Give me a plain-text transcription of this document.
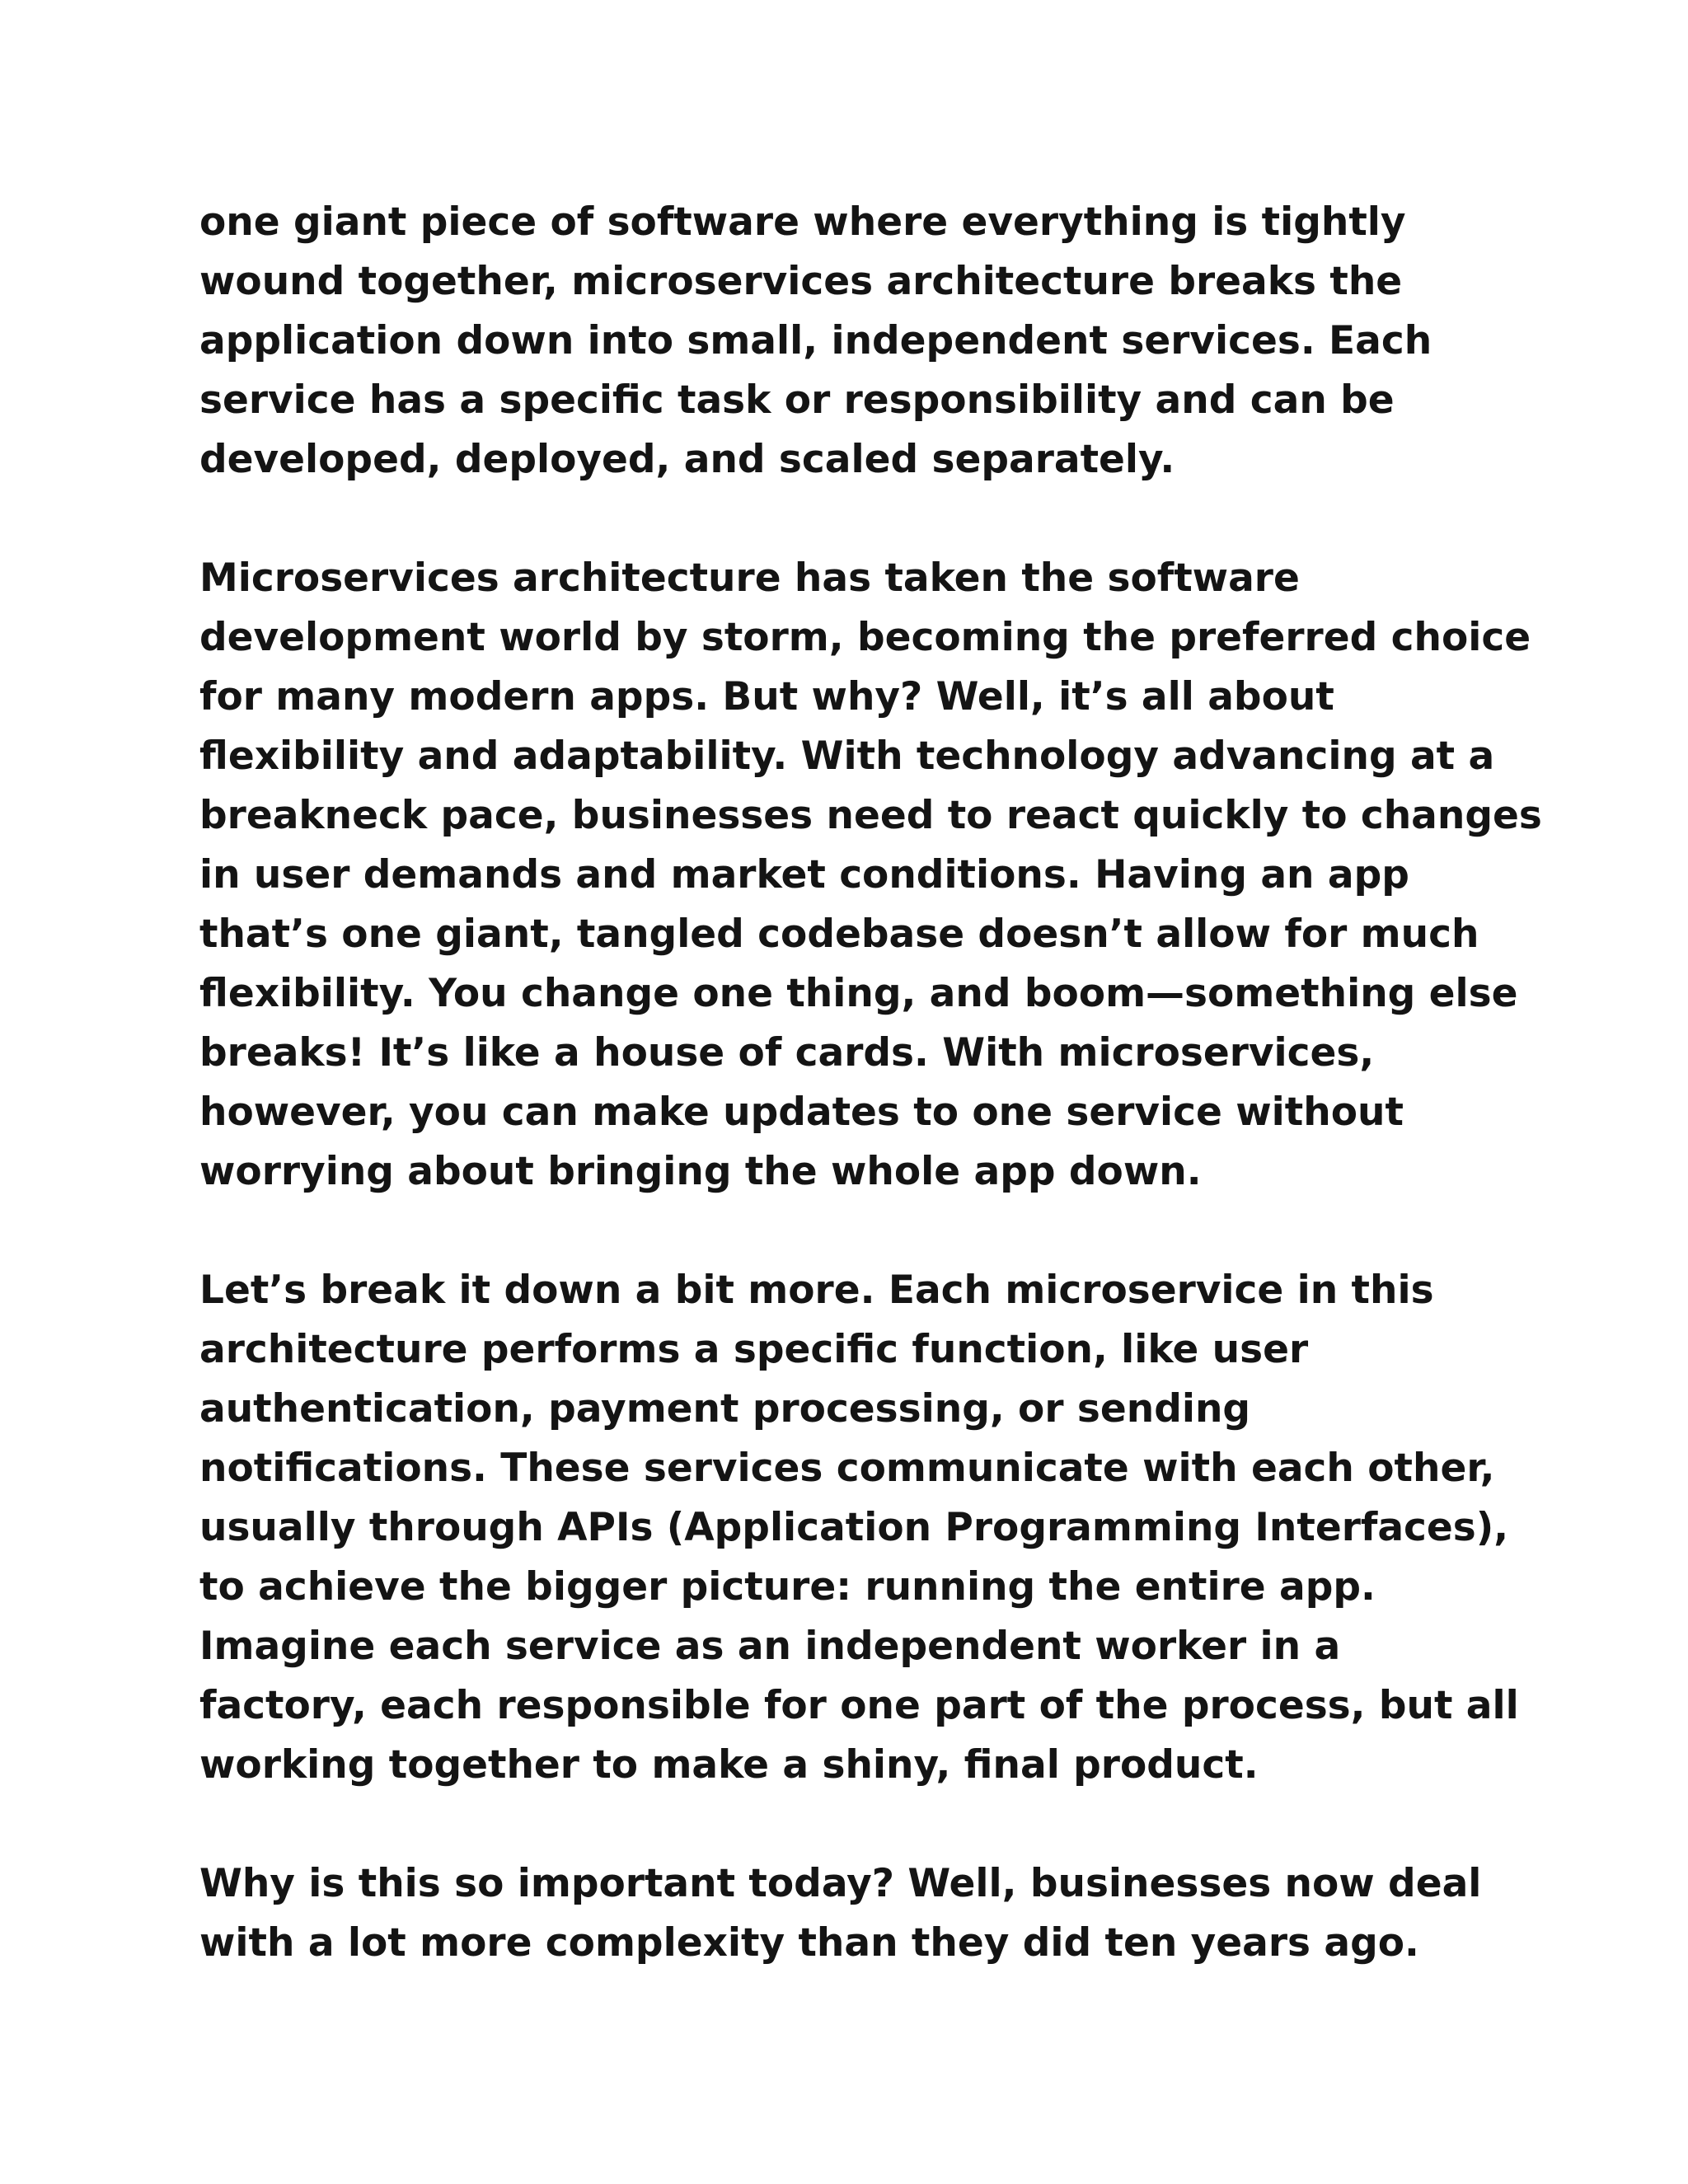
one giant piece of software where everything is tightly
wound together, microservices architecture breaks the
application down into small, independent services. Each
service has a specific task or responsibility and can be
developed, deployed, and scaled separately.

Microservices architecture has taken the software
development world by storm, becoming the preferred choice
for many modern apps. But why? Well, it’s all about
flexibility and adaptability. With technology advancing at a
breakneck pace, businesses need to react quickly to changes
in user demands and market conditions. Having an app
that’s one giant, tangled codebase doesn’t allow for much
flexibility. You change one thing, and boom—something else
breaks! It’s like a house of cards. With microservices,
however, you can make updates to one service without
worrying about bringing the whole app down.

Let’s break it down a bit more. Each microservice in this
architecture performs a specific function, like user
authentication, payment processing, or sending
notifications. These services communicate with each other,
usually through APIs (Application Programming Interfaces),
to achieve the bigger picture: running the entire app.
Imagine each service as an independent worker in a
factory, each responsible for one part of the process, but all
working together to make a shiny, final product.

Why is this so important today? Well, businesses now deal
with a lot more complexity than they did ten years ago.
